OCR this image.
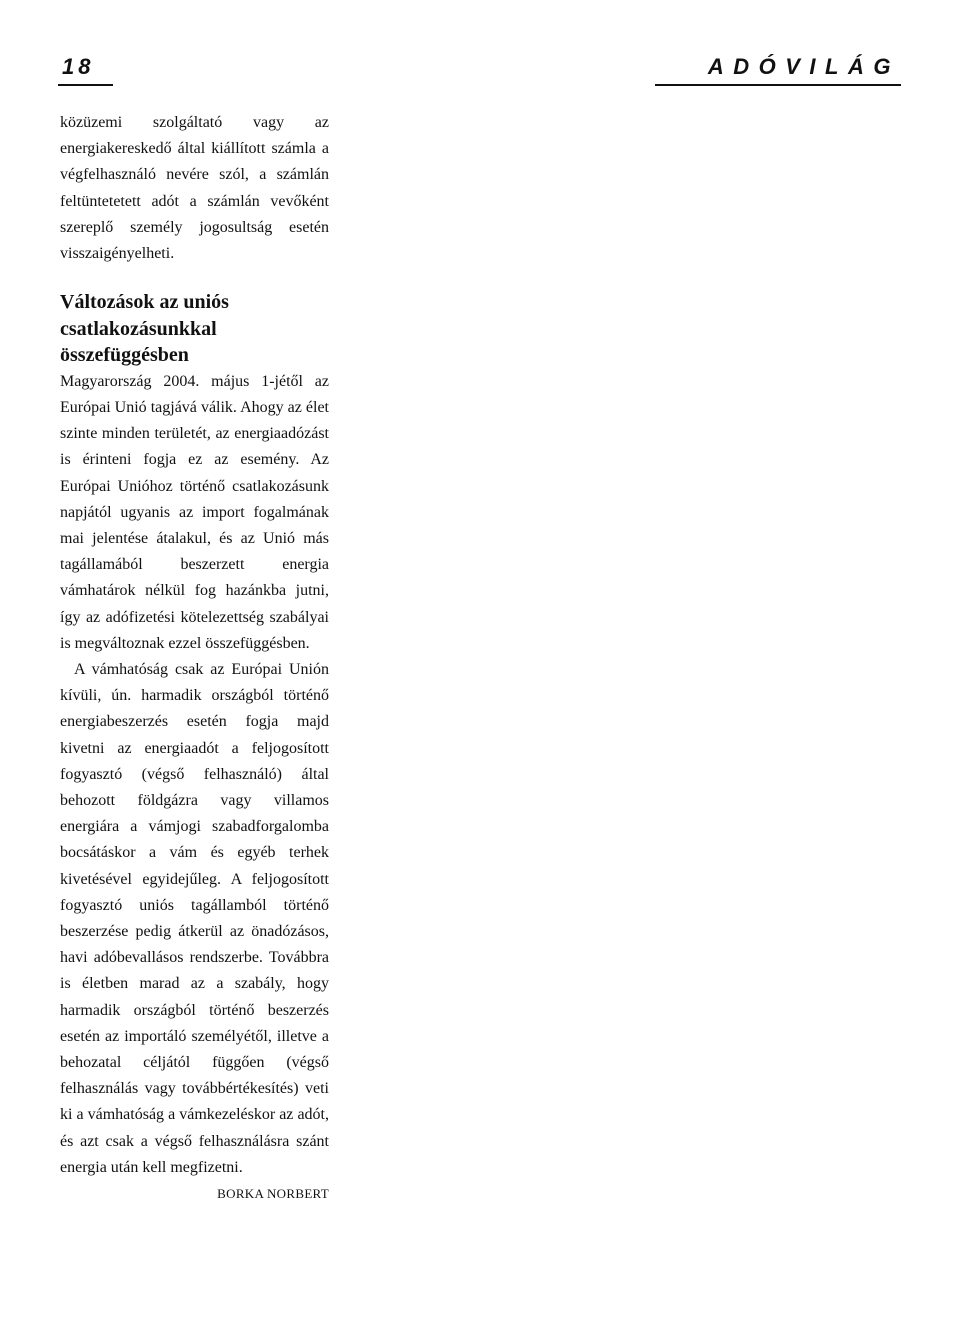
18	ADÓVILÁG

közüzemi szolgáltató vagy az energiakereskedő által kiállított számla a végfelhasználó nevére szól, a számlán feltüntetetett adót a számlán vevőként szereplő személy jogosultság esetén visszaigényelheti.

Változások az uniós csatlakozásunkkal összefüggésben

Magyarország 2004. május 1-jétől az Európai Unió tagjává válik. Ahogy az élet szinte minden területét, az energiaadózást is érinteni fogja ez az esemény. Az Európai Unióhoz történő csatlakozásunk napjától ugyanis az import fogalmának mai jelentése átalakul, és az Unió más tagállamából beszerzett energia vámhatárok nélkül fog hazánkba jutni, így az adófizetési kötelezettség szabályai is megváltoznak ezzel összefüggésben.

A vámhatóság csak az Európai Unión kívüli, ún. harmadik országból történő energiabeszerzés esetén fogja majd kivetni az energiaadót a feljogosított fogyasztó (végső felhasználó) által behozott földgázra vagy villamos energiára a vámjogi szabadforgalomba bocsátáskor a vám és egyéb terhek kivetésével egyidejűleg. A feljogosított fogyasztó uniós tagállamból történő beszerzése pedig átkerül az önadózásos, havi adóbevallásos rendszerbe. Továbbra is életben marad az a szabály, hogy harmadik országból történő beszerzés esetén az importáló személyétől, illetve a behozatal céljától függően (végső felhasználás vagy továbbértékesítés) veti ki a vámhatóság a vámkezeléskor az adót, és azt csak a végső felhasználásra szánt energia után kell megfizetni.

BORKA NORBERT
